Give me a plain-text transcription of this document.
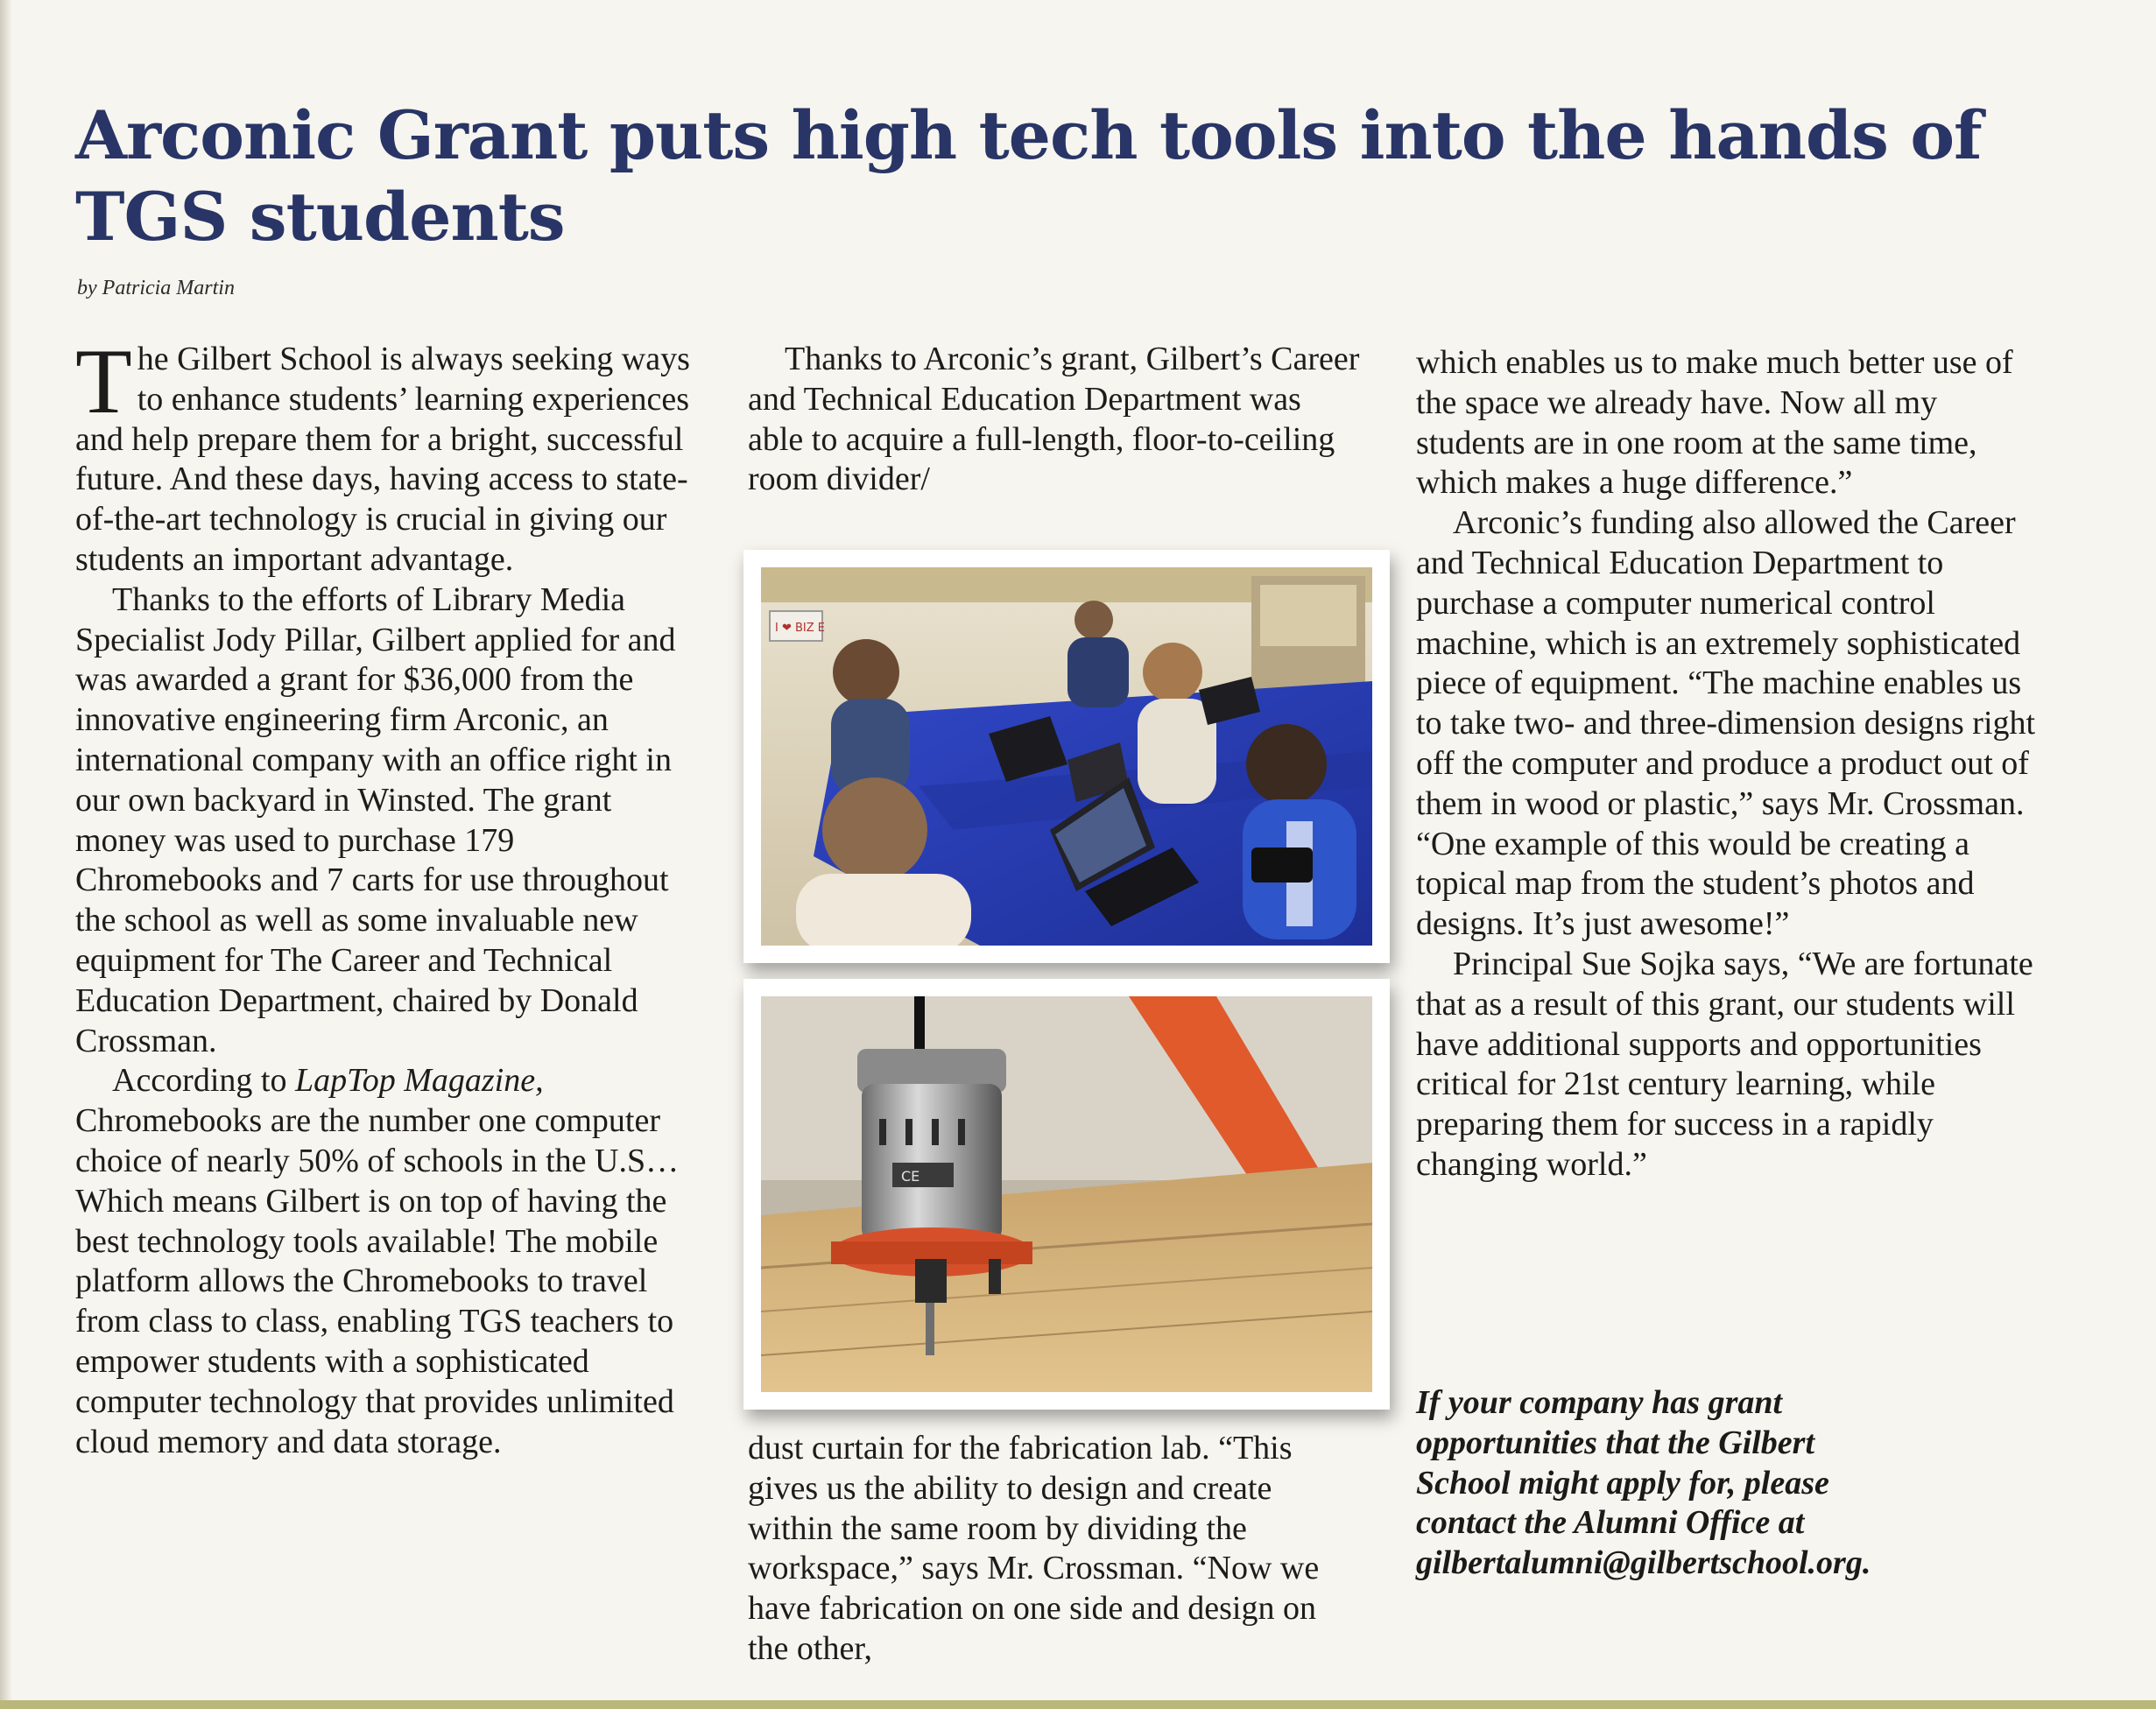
Arconic Grant puts high tech tools into the hands of TGS students
by Patricia Martin

The Gilbert School is always seeking ways to enhance students’ learning experiences and help prepare them for a bright, successful future. And these days, having access to state-of-the-art technology is crucial in giving our students an important advantage.

Thanks to the efforts of Library Media Specialist Jody Pillar, Gilbert applied for and was awarded a grant for $36,000 from the innovative engineering firm Arconic, an international company with an office right in our own backyard in Winsted. The grant money was used to purchase 179 Chromebooks and 7 carts for use throughout the school as well as some invaluable new equipment for The Career and Technical Education Department, chaired by Donald Crossman.

According to LapTop Magazine, Chromebooks are the number one computer choice of nearly 50% of schools in the U.S…Which means Gilbert is on top of having the best technology tools available! The mobile platform allows the Chromebooks to travel from class to class, enabling TGS teachers to empower students with a sophisticated computer technology that provides unlimited cloud memory and data storage.

Thanks to Arconic’s grant, Gilbert’s Career and Technical Education Department was able to acquire a full-length, floor-to-ceiling room divider/

I ❤ BIZ E
CE

dust curtain for the fabrication lab. “This gives us the ability to design and create within the same room by dividing the workspace,” says Mr. Crossman. “Now we have fabrication on one side and design on the other,

which enables us to make much better use of the space we already have. Now all my students are in one room at the same time, which makes a huge difference.”

Arconic’s funding also allowed the Career and Technical Education Department to purchase a computer numerical control machine, which is an extremely sophisticated piece of equipment. “The machine enables us to take two- and three-dimension designs right off the computer and produce a product out of them in wood or plastic,” says Mr. Crossman. “One example of this would be creating a topical map from the student’s photos and designs. It’s just awesome!”

Principal Sue Sojka says, “We are fortunate that as a result of this grant, our students will have additional supports and opportunities critical for 21st century learning, while preparing them for success in a rapidly changing world.”

If your company has grant
opportunities that the Gilbert
School might apply for, please
contact the Alumni Office at
gilbertalumni@gilbertschool.org.
